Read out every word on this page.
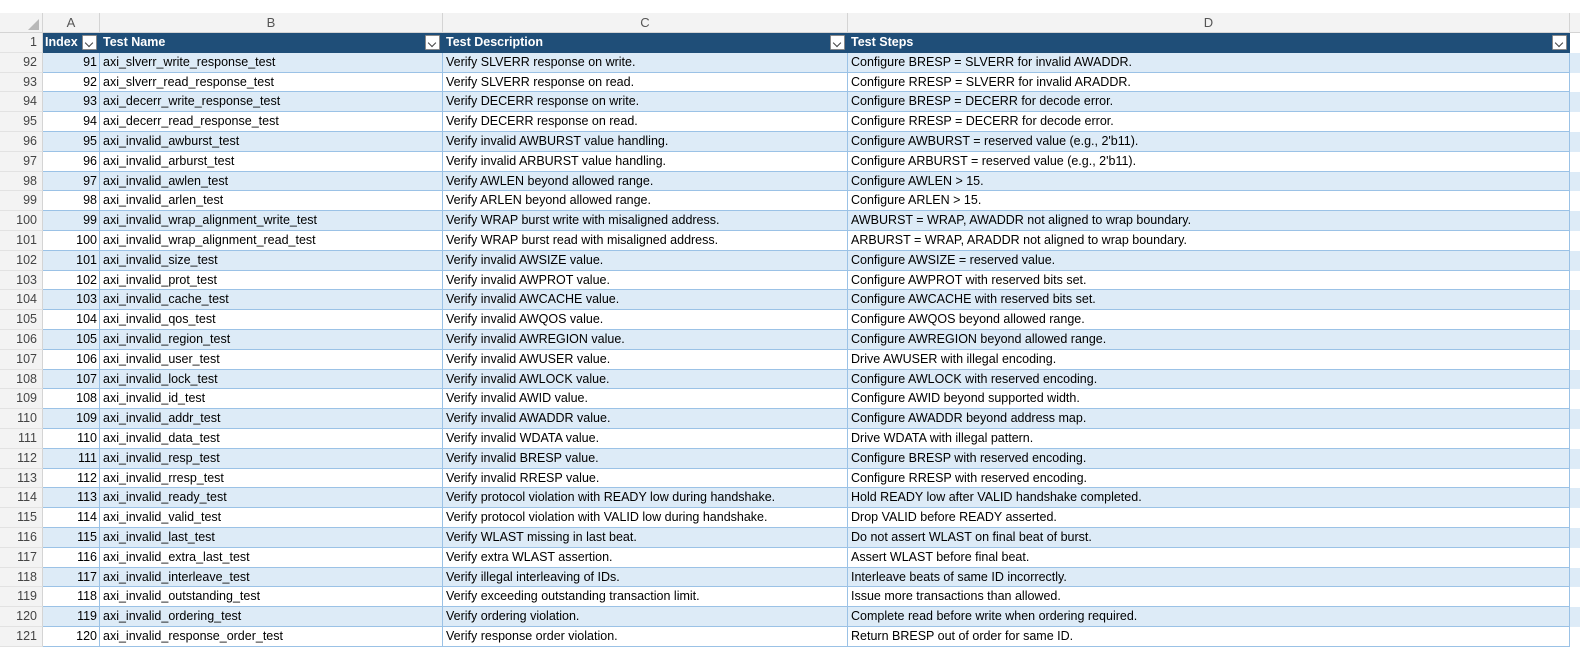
A	B	C	D
1 Index	Test Name	Test Description	Test Steps
92	91 axi_slverr_write_response_test	Verify SLVERR response on write.	Configure BRESP = SLVERR for invalid AWADDR.
93	92 axi_slverr_read_response_test	Verify SLVERR response on read.	Configure RRESP = SLVERR for invalid ARADDR.
94	93 axi_decerr_write_response_test	Verify DECERR response on write.	Configure BRESP = DECERR for decode error.
95	94 axi_decerr_read_response_test	Verify DECERR response on read.	Configure RRESP = DECERR for decode error.
96	95 axi_invalid_awburst_test	Verify invalid AWBURST value handling.	Configure AWBURST = reserved value (e.g., 2'b11).
97	96 axi_invalid_arburst_test	Verify invalid ARBURST value handling.	Configure ARBURST = reserved value (e.g., 2'b11).
98	97 axi_invalid_awlen_test	Verify AWLEN beyond allowed range.	Configure AWLEN > 15.
99	98 axi_invalid_arlen_test	Verify ARLEN beyond allowed range.	Configure ARLEN > 15.
100	99 axi_invalid_wrap_alignment_write_test	Verify WRAP burst write with misaligned address.	AWBURST = WRAP, AWADDR not aligned to wrap boundary.
101	100 axi_invalid_wrap_alignment_read_test	Verify WRAP burst read with misaligned address.	ARBURST = WRAP, ARADDR not aligned to wrap boundary.
102	101 axi_invalid_size_test	Verify invalid AWSIZE value.	Configure AWSIZE = reserved value.
103	102 axi_invalid_prot_test	Verify invalid AWPROT value.	Configure AWPROT with reserved bits set.
104	103 axi_invalid_cache_test	Verify invalid AWCACHE value.	Configure AWCACHE with reserved bits set.
105	104 axi_invalid_qos_test	Verify invalid AWQOS value.	Configure AWQOS beyond allowed range.
106	105 axi_invalid_region_test	Verify invalid AWREGION value.	Configure AWREGION beyond allowed range.
107	106 axi_invalid_user_test	Verify invalid AWUSER value.	Drive AWUSER with illegal encoding.
108	107 axi_invalid_lock_test	Verify invalid AWLOCK value.	Configure AWLOCK with reserved encoding.
109	108 axi_invalid_id_test	Verify invalid AWID value.	Configure AWID beyond supported width.
110	109 axi_invalid_addr_test	Verify invalid AWADDR value.	Configure AWADDR beyond address map.
111	110 axi_invalid_data_test	Verify invalid WDATA value.	Drive WDATA with illegal pattern.
112	111 axi_invalid_resp_test	Verify invalid BRESP value.	Configure BRESP with reserved encoding.
113	112 axi_invalid_rresp_test	Verify invalid RRESP value.	Configure RRESP with reserved encoding.
114	113 axi_invalid_ready_test	Verify protocol violation with READY low during handshake.	Hold READY low after VALID handshake completed.
115	114 axi_invalid_valid_test	Verify protocol violation with VALID low during handshake.	Drop VALID before READY asserted.
116	115 axi_invalid_last_test	Verify WLAST missing in last beat.	Do not assert WLAST on final beat of burst.
117	116 axi_invalid_extra_last_test	Verify extra WLAST assertion.	Assert WLAST before final beat.
118	117 axi_invalid_interleave_test	Verify illegal interleaving of IDs.	Interleave beats of same ID incorrectly.
119	118 axi_invalid_outstanding_test	Verify exceeding outstanding transaction limit.	Issue more transactions than allowed.
120	119 axi_invalid_ordering_test	Verify ordering violation.	Complete read before write when ordering required.
121	120 axi_invalid_response_order_test	Verify response order violation.	Return BRESP out of order for same ID.
